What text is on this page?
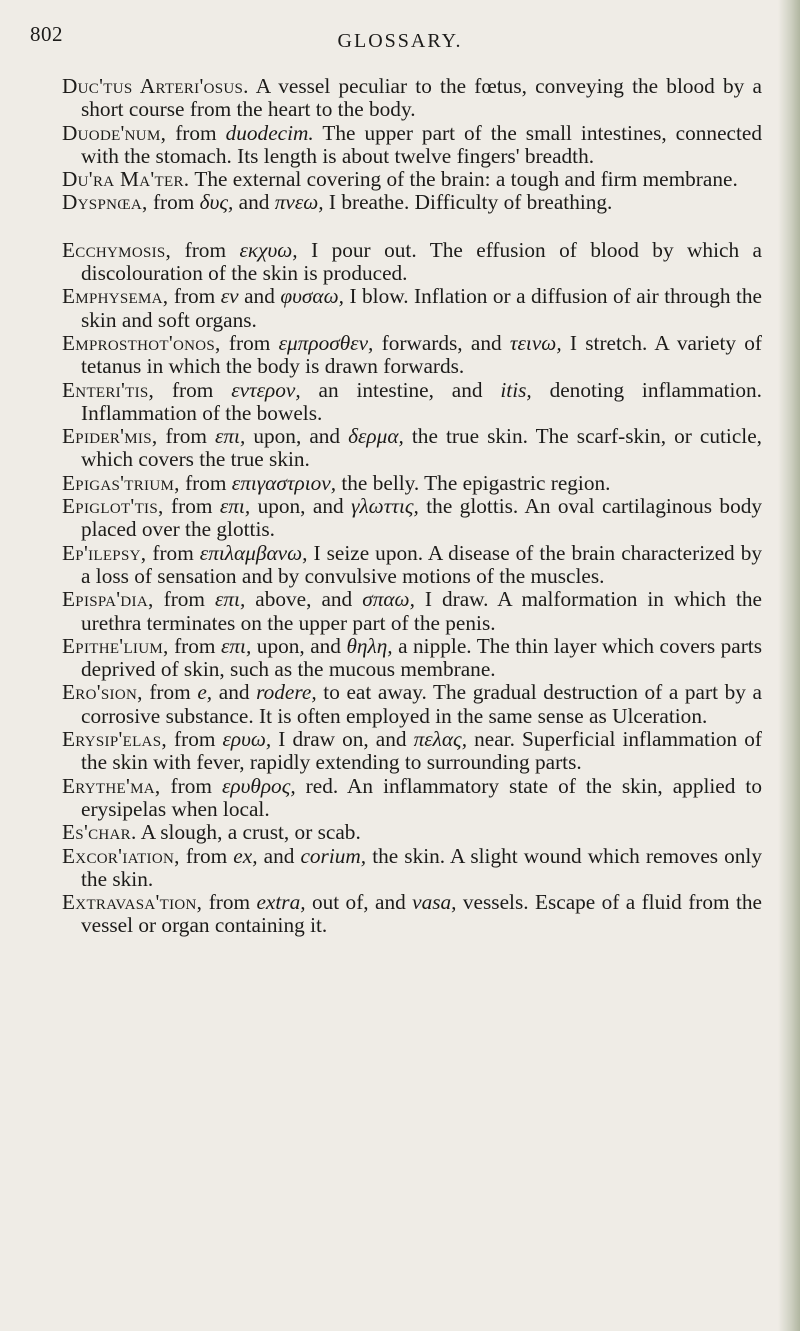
802	GLOSSARY.
Duc'tus Arteri'osus. A vessel peculiar to the fœtus, conveying the blood by a short course from the heart to the body.
Duode'num, from duodecim. The upper part of the small intestines, connected with the stomach. Its length is about twelve fingers' breadth.
Du'ra Ma'ter. The external covering of the brain: a tough and firm membrane.
Dyspnœa, from δυς, and πνεω, I breathe. Difficulty of breathing.
Ecchymosis, from εκχυω, I pour out. The effusion of blood by which a discolouration of the skin is produced.
Emphysema, from εν and φυσαω, I blow. Inflation or a diffusion of air through the skin and soft organs.
Emprosthot'onos, from εμπροσθεν, forwards, and τεινω, I stretch. A variety of tetanus in which the body is drawn forwards.
Enteri'tis, from εντερον, an intestine, and itis, denoting inflammation. Inflammation of the bowels.
Epider'mis, from επι, upon, and δερμα, the true skin. The scarf-skin, or cuticle, which covers the true skin.
Epigas'trium, from επιγαστριον, the belly. The epigastric region.
Epiglot'tis, from επι, upon, and γλωττις, the glottis. An oval cartilaginous body placed over the glottis.
Ep'ilepsy, from επιλαμβανω, I seize upon. A disease of the brain characterized by a loss of sensation and by convulsive motions of the muscles.
Epispa'dia, from επι, above, and σπαω, I draw. A malformation in which the urethra terminates on the upper part of the penis.
Epithe'lium, from επι, upon, and θηλη, a nipple. The thin layer which covers parts deprived of skin, such as the mucous membrane.
Ero'sion, from e, and rodere, to eat away. The gradual destruction of a part by a corrosive substance. It is often employed in the same sense as Ulceration.
Erysip'elas, from ερυω, I draw on, and πελας, near. Superficial inflammation of the skin with fever, rapidly extending to surrounding parts.
Erythe'ma, from ερυθρος, red. An inflammatory state of the skin, applied to erysipelas when local.
Es'char. A slough, a crust, or scab.
Excor'iation, from ex, and corium, the skin. A slight wound which removes only the skin.
Extravasa'tion, from extra, out of, and vasa, vessels. Escape of a fluid from the vessel or organ containing it.
